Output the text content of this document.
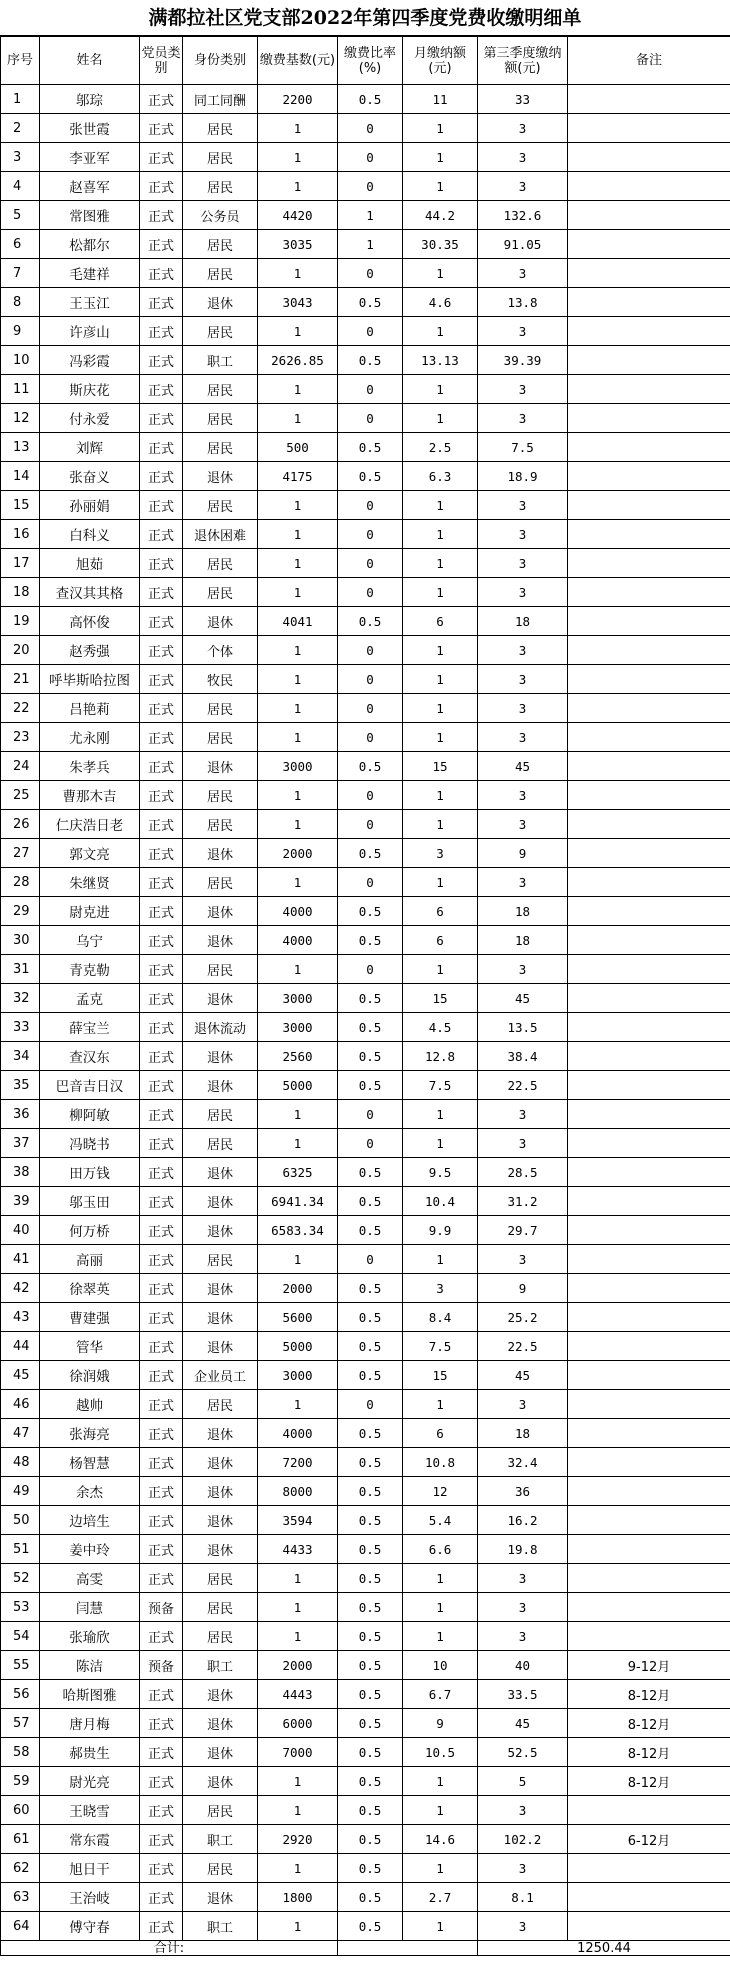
满都拉社区党支部2022年第四季度党费收缴明细单
序号	姓名	党员类别	身份类别	缴费基数(元)	缴费比率(%)	月缴纳额(元)	第三季度缴纳额(元)	备注
1	邬琮	正式	同工同酬	2200	0.5	11	33	
2	张世霞	正式	居民	1	0	1	3	
3	李亚军	正式	居民	1	0	1	3	
4	赵喜军	正式	居民	1	0	1	3	
5	常图雅	正式	公务员	4420	1	44.2	132.6	
6	松都尔	正式	居民	3035	1	30.35	91.05	
7	毛建祥	正式	居民	1	0	1	3	
8	王玉江	正式	退休	3043	0.5	4.6	13.8	
9	许彦山	正式	居民	1	0	1	3	
10	冯彩霞	正式	职工	2626.85	0.5	13.13	39.39	
11	斯庆花	正式	居民	1	0	1	3	
12	付永爱	正式	居民	1	0	1	3	
13	刘辉	正式	居民	500	0.5	2.5	7.5	
14	张奋义	正式	退休	4175	0.5	6.3	18.9	
15	孙丽娟	正式	居民	1	0	1	3	
16	白科义	正式	退休困难	1	0	1	3	
17	旭茹	正式	居民	1	0	1	3	
18	查汉其其格	正式	居民	1	0	1	3	
19	高怀俊	正式	退休	4041	0.5	6	18	
20	赵秀强	正式	个体	1	0	1	3	
21	呼毕斯哈拉图	正式	牧民	1	0	1	3	
22	吕艳莉	正式	居民	1	0	1	3	
23	尤永刚	正式	居民	1	0	1	3	
24	朱孝兵	正式	退休	3000	0.5	15	45	
25	曹那木吉	正式	居民	1	0	1	3	
26	仁庆浩日老	正式	居民	1	0	1	3	
27	郭文亮	正式	退休	2000	0.5	3	9	
28	朱继贤	正式	居民	1	0	1	3	
29	尉克进	正式	退休	4000	0.5	6	18	
30	乌宁	正式	退休	4000	0.5	6	18	
31	青克勒	正式	居民	1	0	1	3	
32	孟克	正式	退休	3000	0.5	15	45	
33	薛宝兰	正式	退休流动	3000	0.5	4.5	13.5	
34	查汉东	正式	退休	2560	0.5	12.8	38.4	
35	巴音吉日汉	正式	退休	5000	0.5	7.5	22.5	
36	柳阿敏	正式	居民	1	0	1	3	
37	冯晓书	正式	居民	1	0	1	3	
38	田万钱	正式	退休	6325	0.5	9.5	28.5	
39	邬玉田	正式	退休	6941.34	0.5	10.4	31.2	
40	何万桥	正式	退休	6583.34	0.5	9.9	29.7	
41	高丽	正式	居民	1	0	1	3	
42	徐翠英	正式	退休	2000	0.5	3	9	
43	曹建强	正式	退休	5600	0.5	8.4	25.2	
44	管华	正式	退休	5000	0.5	7.5	22.5	
45	徐润娥	正式	企业员工	3000	0.5	15	45	
46	越帅	正式	居民	1	0	1	3	
47	张海亮	正式	退休	4000	0.5	6	18	
48	杨智慧	正式	退休	7200	0.5	10.8	32.4	
49	余杰	正式	退休	8000	0.5	12	36	
50	边培生	正式	退休	3594	0.5	5.4	16.2	
51	姜中玲	正式	退休	4433	0.5	6.6	19.8	
52	高雯	正式	居民	1	0.5	1	3	
53	闫慧	预备	居民	1	0.5	1	3	
54	张瑜欣	正式	居民	1	0.5	1	3	
55	陈洁	预备	职工	2000	0.5	10	40	9-12月
56	哈斯图雅	正式	退休	4443	0.5	6.7	33.5	8-12月
57	唐月梅	正式	退休	6000	0.5	9	45	8-12月
58	郝贵生	正式	退休	7000	0.5	10.5	52.5	8-12月
59	尉光亮	正式	退休	1	0.5	1	5	8-12月
60	王晓雪	正式	居民	1	0.5	1	3	
61	常东霞	正式	职工	2920	0.5	14.6	102.2	6-12月
62	旭日干	正式	居民	1	0.5	1	3	
63	王治岐	正式	退休	1800	0.5	2.7	8.1	
64	傅守春	正式	职工	1	0.5	1	3	
合计:							1250.44	
